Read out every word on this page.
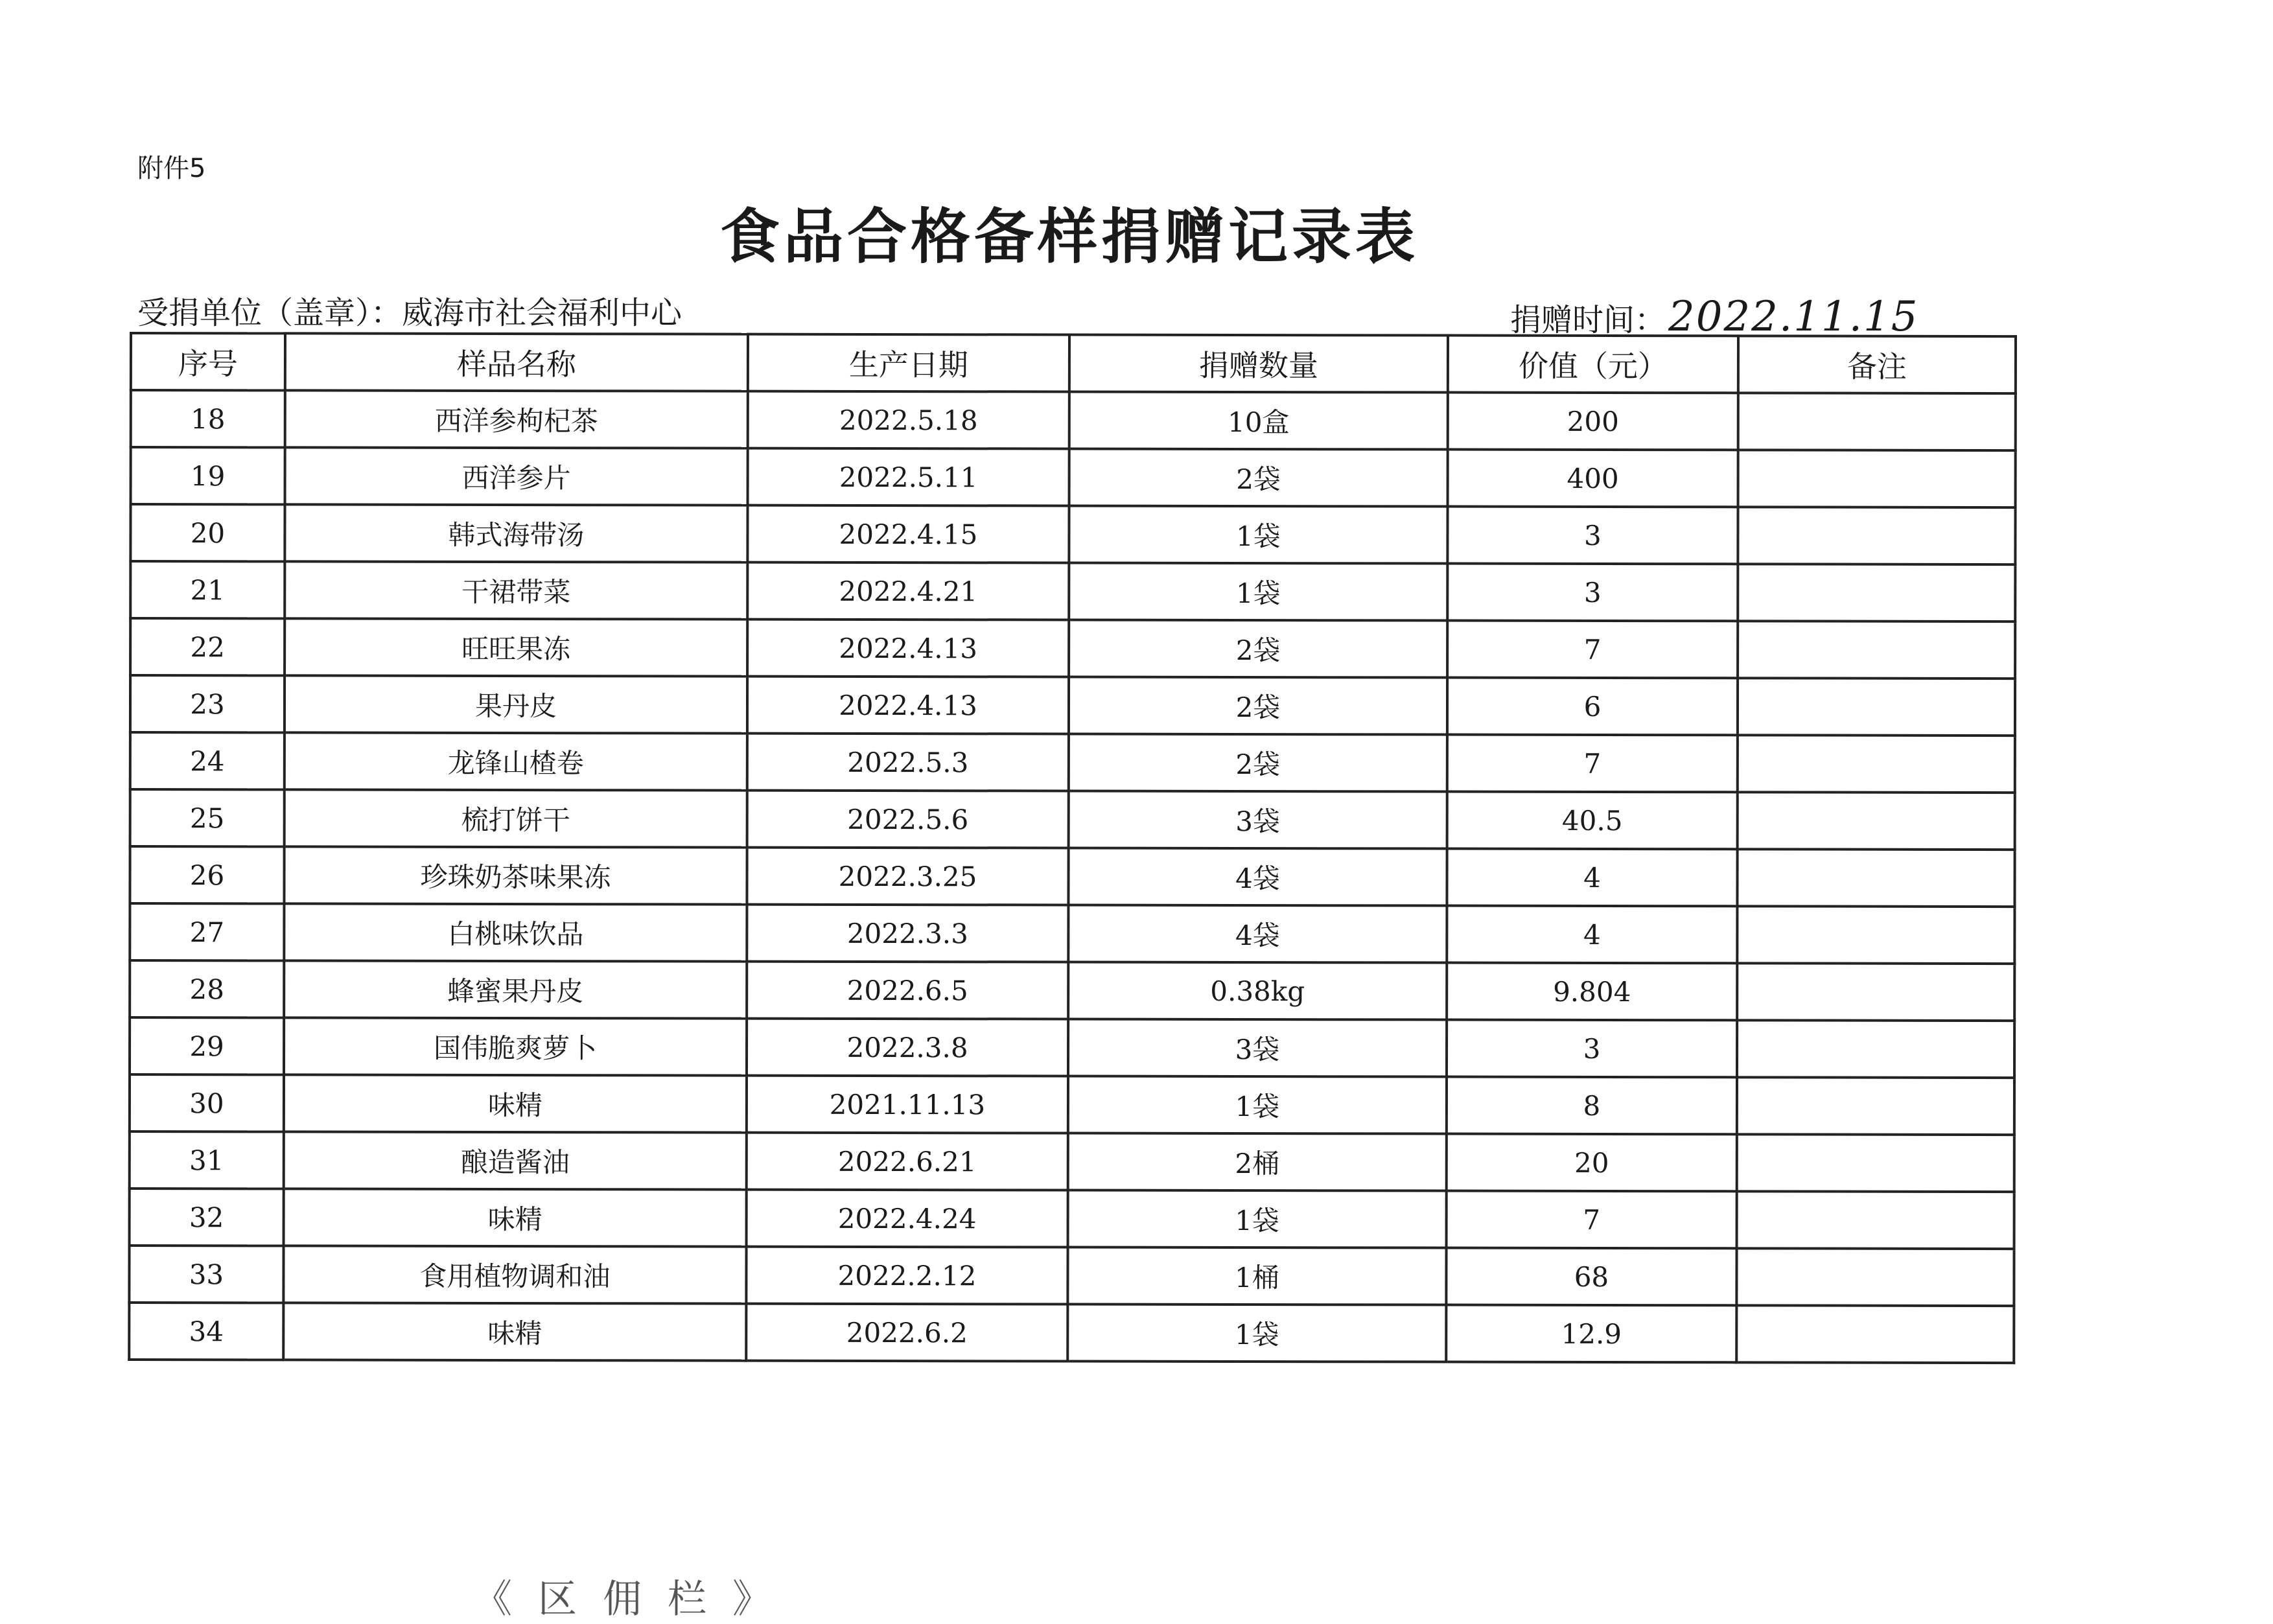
附件5
食品合格备样捐赠记录表
受捐单位（盖章）：威海市社会福利中心	捐赠时间：2022.11.15
序号	样品名称	生产日期	捐赠数量	价值（元）	备注
18	西洋参枸杞茶	2022.5.18	10盒	200	
19	西洋参片	2022.5.11	2袋	400	
20	韩式海带汤	2022.4.15	1袋	3	
21	干裙带菜	2022.4.21	1袋	3	
22	旺旺果冻	2022.4.13	2袋	7	
23	果丹皮	2022.4.13	2袋	6	
24	龙锋山楂卷	2022.5.3	2袋	7	
25	梳打饼干	2022.5.6	3袋	40.5	
26	珍珠奶茶味果冻	2022.3.25	4袋	4	
27	白桃味饮品	2022.3.3	4袋	4	
28	蜂蜜果丹皮	2022.6.5	0.38kg	9.804	
29	国伟脆爽萝卜	2022.3.8	3袋	3	
30	味精	2021.11.13	1袋	8	
31	酿造酱油	2022.6.21	2桶	20	
32	味精	2022.4.24	1袋	7	
33	食用植物调和油	2022.2.12	1桶	68	
34	味精	2022.6.2	1袋	12.9	
《区佣栏》
